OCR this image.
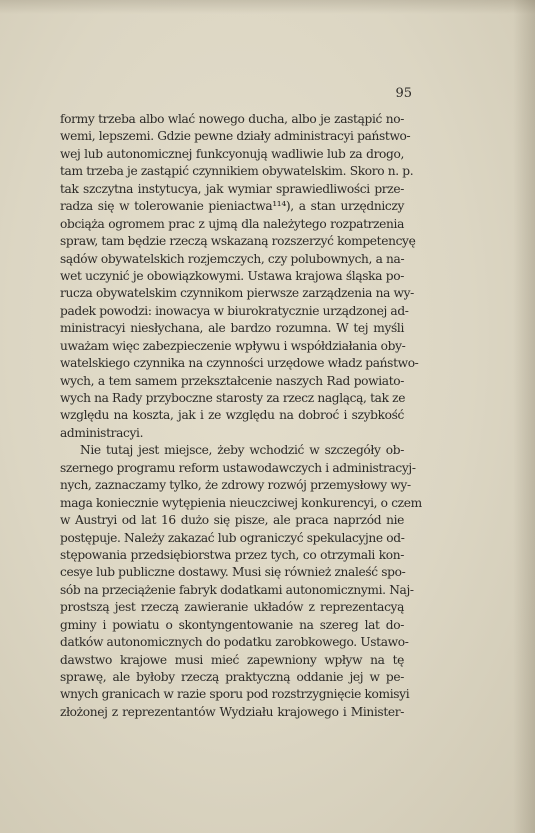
95

formy trzeba albo wlać nowego ducha, albo je zastąpić no-
wemi, lepszemi. Gdzie pewne działy administracyi państwo-
wej lub autonomicznej funkcyonują wadliwie lub za drogo,
tam trzeba je zastąpić czynnikiem obywatelskim. Skoro n. p.
tak szczytna instytucya, jak wymiar sprawiedliwości prze-
radza się w tolerowanie pieniactwa¹¹⁴), a stan urzędniczy
obciąża ogromem prac z ujmą dla należytego rozpatrzenia
spraw, tam będzie rzeczą wskazaną rozszerzyć kompetencyę
sądów obywatelskich rozjemczych, czy polubownych, a na-
wet uczynić je obowiązkowymi. Ustawa krajowa śląska po-
rucza obywatelskim czynnikom pierwsze zarządzenia na wy-
padek powodzi: inowacya w biurokratycznie urządzonej ad-
ministracyi niesłychana, ale bardzo rozumna. W tej myśli
uważam więc zabezpieczenie wpływu i współdziałania oby-
watelskiego czynnika na czynności urzędowe władz państwo-
wych, a tem samem przekształcenie naszych Rad powiato-
wych na Rady przyboczne starosty za rzecz naglącą, tak ze
względu na koszta, jak i ze względu na dobroć i szybkość
administracyi.
Nie tutaj jest miejsce, żeby wchodzić w szczegóły ob-
szernego programu reform ustawodawczych i administracyj-
nych, zaznaczamy tylko, że zdrowy rozwój przemysłowy wy-
maga koniecznie wytępienia nieuczciwej konkurencyi, o czem
w Austryi od lat 16 dużo się pisze, ale praca naprzód nie
postępuje. Należy zakazać lub ograniczyć spekulacyjne od-
stępowania przedsiębiorstwa przez tych, co otrzymali kon-
cesye lub publiczne dostawy. Musi się również znaleść spo-
sób na przeciążenie fabryk dodatkami autonomicznymi. Naj-
prostszą jest rzeczą zawieranie układów z reprezentacyą
gminy i powiatu o skontyngentowanie na szereg lat do-
datków autonomicznych do podatku zarobkowego. Ustawo-
dawstwo krajowe musi mieć zapewniony wpływ na tę
sprawę, ale byłoby rzeczą praktyczną oddanie jej w pe-
wnych granicach w razie sporu pod rozstrzygnięcie komisyi
złożonej z reprezentantów Wydziału krajowego i Minister-
